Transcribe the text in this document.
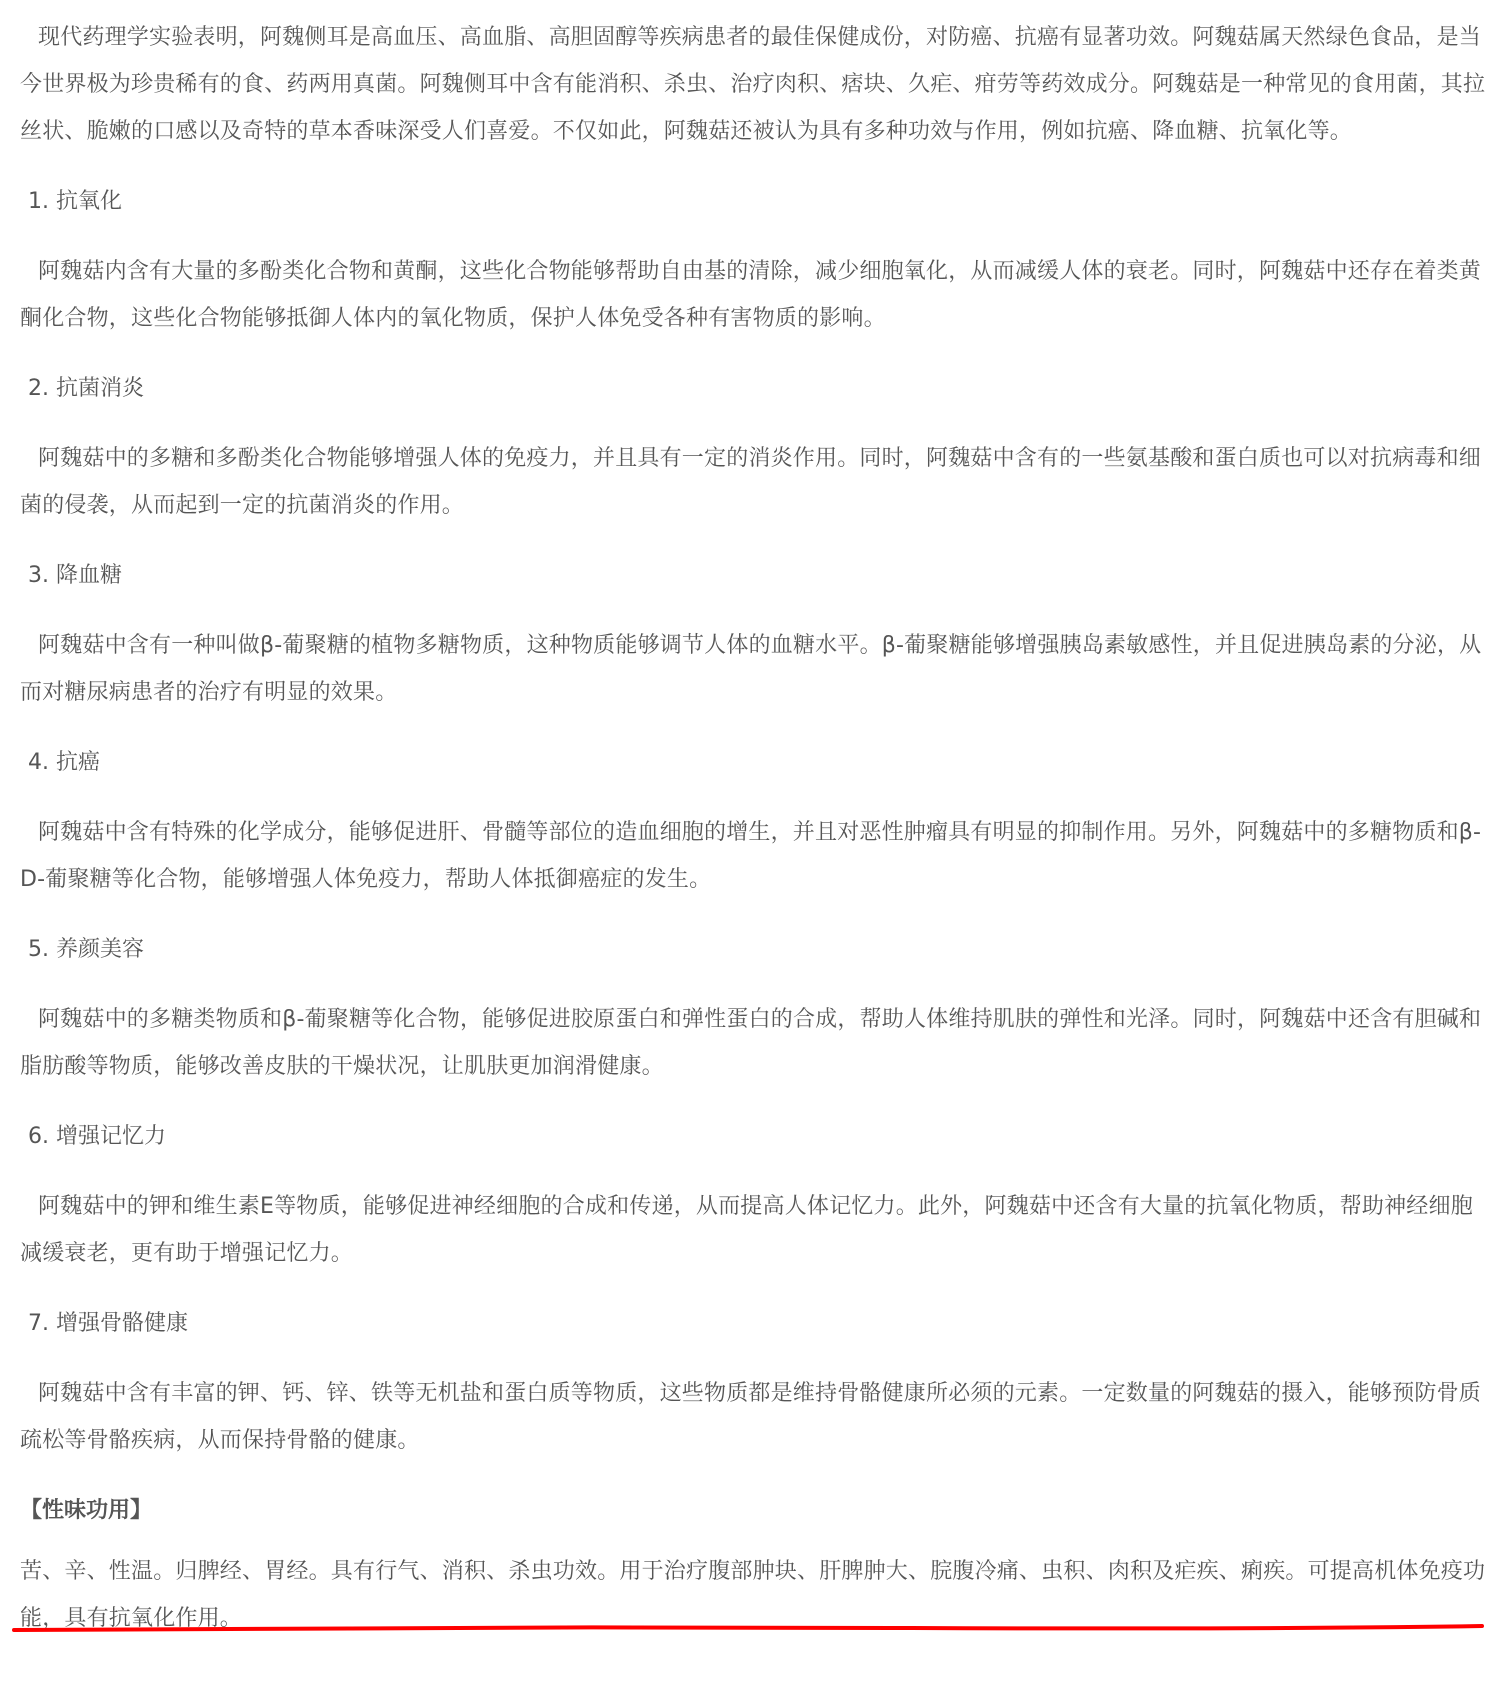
现代药理学实验表明，阿魏侧耳是高血压、高血脂、高胆固醇等疾病患者的最佳保健成份，对防癌、抗癌有显著功效。阿魏菇属天然绿色食品，是当今世界极为珍贵稀有的食、药两用真菌。阿魏侧耳中含有能消积、杀虫、治疗肉积、痞块、久疟、疳劳等药效成分。阿魏菇是一种常见的食用菌，其拉丝状、脆嫩的口感以及奇特的草本香味深受人们喜爱。不仅如此，阿魏菇还被认为具有多种功效与作用，例如抗癌、降血糖、抗氧化等。

1. 抗氧化

阿魏菇内含有大量的多酚类化合物和黄酮，这些化合物能够帮助自由基的清除，减少细胞氧化，从而减缓人体的衰老。同时，阿魏菇中还存在着类黄酮化合物，这些化合物能够抵御人体内的氧化物质，保护人体免受各种有害物质的影响。

2. 抗菌消炎

阿魏菇中的多糖和多酚类化合物能够增强人体的免疫力，并且具有一定的消炎作用。同时，阿魏菇中含有的一些氨基酸和蛋白质也可以对抗病毒和细菌的侵袭，从而起到一定的抗菌消炎的作用。

3. 降血糖

阿魏菇中含有一种叫做β-葡聚糖的植物多糖物质，这种物质能够调节人体的血糖水平。β-葡聚糖能够增强胰岛素敏感性，并且促进胰岛素的分泌，从而对糖尿病患者的治疗有明显的效果。

4. 抗癌

阿魏菇中含有特殊的化学成分，能够促进肝、骨髓等部位的造血细胞的增生，并且对恶性肿瘤具有明显的抑制作用。另外，阿魏菇中的多糖物质和β-D-葡聚糖等化合物，能够增强人体免疫力，帮助人体抵御癌症的发生。

5. 养颜美容

阿魏菇中的多糖类物质和β-葡聚糖等化合物，能够促进胶原蛋白和弹性蛋白的合成，帮助人体维持肌肤的弹性和光泽。同时，阿魏菇中还含有胆碱和脂肪酸等物质，能够改善皮肤的干燥状况，让肌肤更加润滑健康。

6. 增强记忆力

阿魏菇中的钾和维生素E等物质，能够促进神经细胞的合成和传递，从而提高人体记忆力。此外，阿魏菇中还含有大量的抗氧化物质，帮助神经细胞减缓衰老，更有助于增强记忆力。

7. 增强骨骼健康

阿魏菇中含有丰富的钾、钙、锌、铁等无机盐和蛋白质等物质，这些物质都是维持骨骼健康所必须的元素。一定数量的阿魏菇的摄入，能够预防骨质疏松等骨骼疾病，从而保持骨骼的健康。

【性味功用】

苦、辛、性温。归脾经、胃经。具有行气、消积、杀虫功效。用于治疗腹部肿块、肝脾肿大、脘腹冷痛、虫积、肉积及疟疾、痢疾。可提高机体免疫功能，具有抗氧化作用。
